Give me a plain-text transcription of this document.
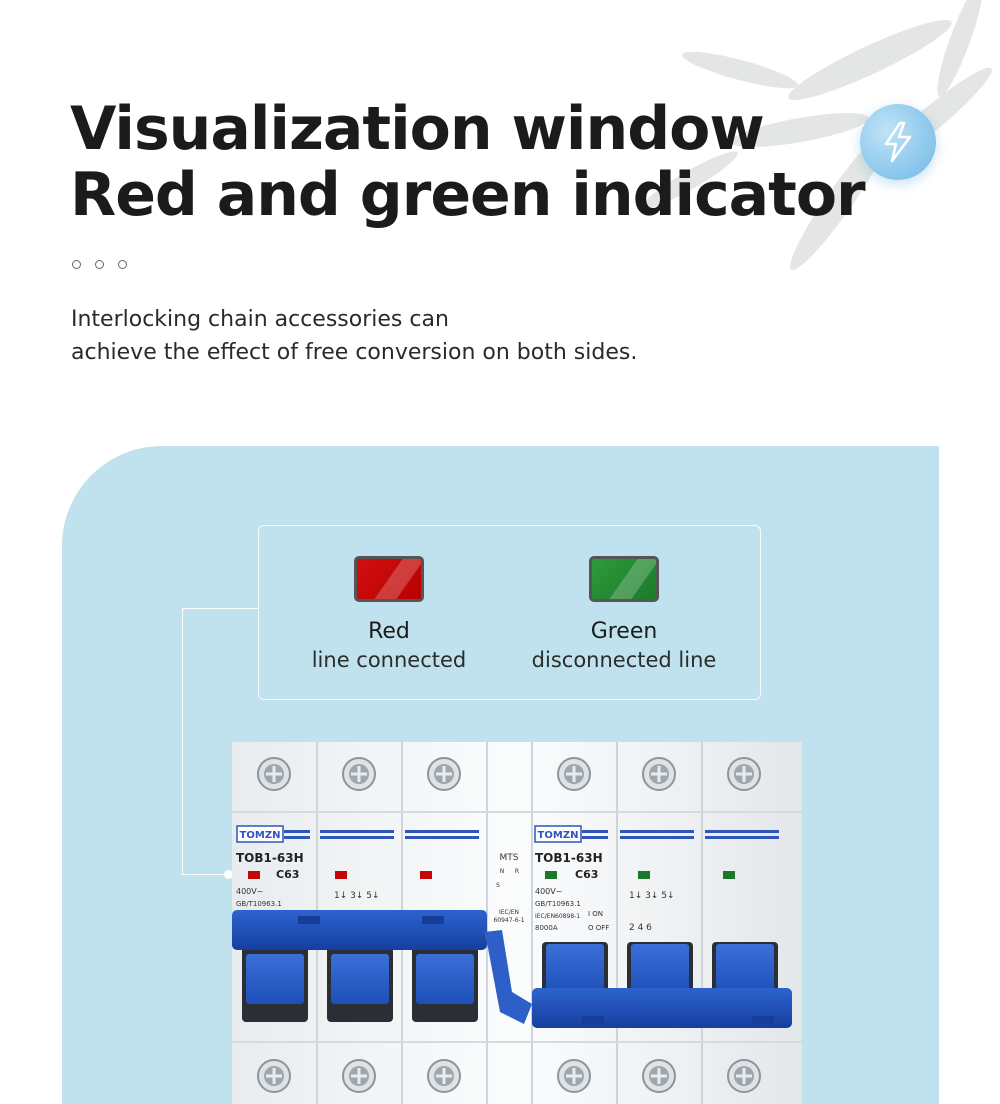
Visualization window
Red and green indicator

Interlocking chain accessories can
achieve the effect of free conversion on both sides.

Red
line connected
Green
disconnected line
TOMZN	TOMZN
TOB1-63H
C63
400V~
GB/T10963.1
1↓ 3↓ 5↓
MTS
N R
S
IEC/EN
60947-6-1
TOB1-63H
C63
400V~
GB/T10963.1
IEC/EN60898-1
8000A
I ON
O OFF
1↓ 3↓ 5↓
2 4 6
